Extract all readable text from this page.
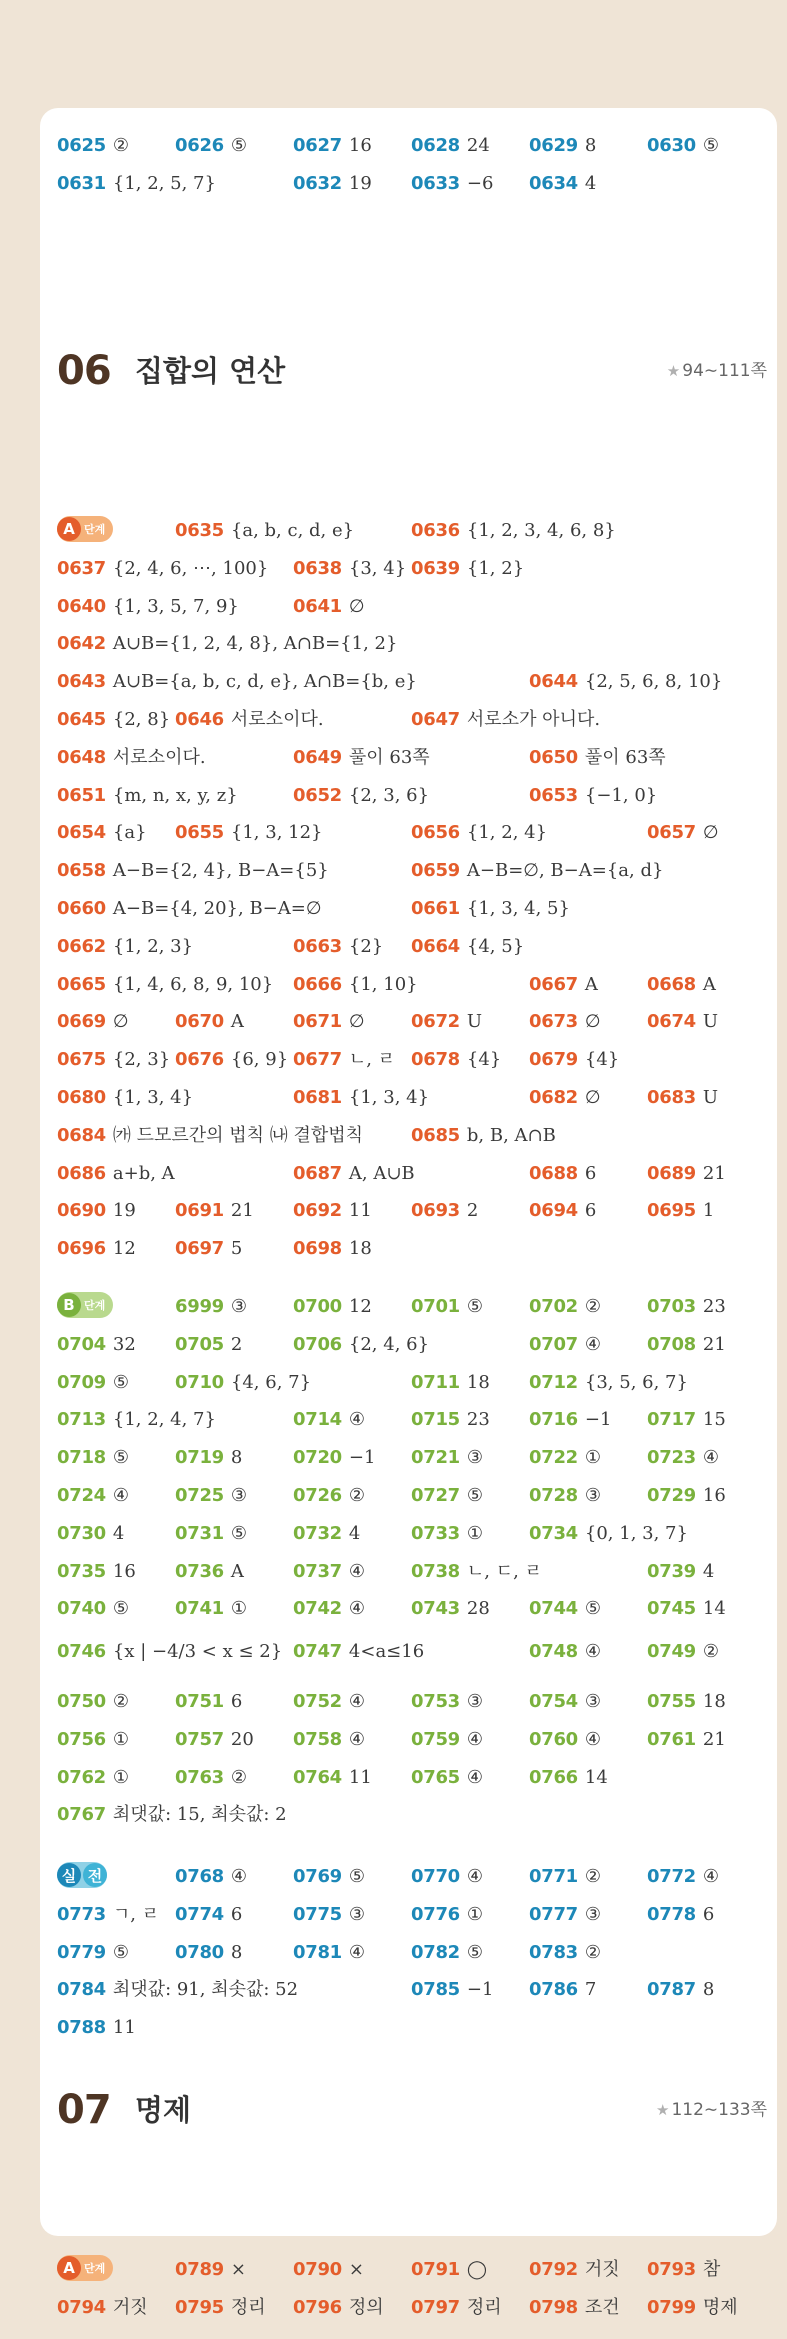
0625 ②	0626 ⑤	0627 16 0628 24 0629 8	0630 ⑤
0631 {1, 2, 5, 7}	0632 19 0633 −6 0634 4
06 집합의 연산	★ 94∼111쪽
0635 {a, b, c, d, e}	0636 {1, 2, 3, 4, 6, 8}
0637 {2, 4, 6, ⋯, 100} 0638 {3, 4} 0639 {1, 2}
0640 {1, 3, 5, 7, 9}	0641 ∅
0642 A∪B={1, 2, 4, 8}, A∩B={1, 2}
0643 A∪B={a, b, c, d, e}, A∩B={b, e}	0644 {2, 5, 6, 8, 10}
0645 {2, 8} 0646 서로소이다.	0647 서로소가 아니다.
0648 서로소이다.	0649 풀이 63쪽	0650 풀이 63쪽
0651 {m, n, x, y, z}	0652 {2, 3, 6}	0653 {−1, 0}
0654 {a} 0655 {1, 3, 12}	0656 {1, 2, 4}	0657 ∅
0658 A−B={2, 4}, B−A={5}	0659 A−B=∅, B−A={a, d}
0660 A−B={4, 20}, B−A=∅	0661 {1, 3, 4, 5}
0662 {1, 2, 3}	0663 {2} 0664 {4, 5}
0665 {1, 4, 6, 8, 9, 10} 0666 {1, 10}	0667 A	0668 A
0669 ∅	0670 A	0671 ∅	0672 U	0673 ∅	0674 U
0675 {2, 3} 0676 {6, 9} 0677 ㄴ, ㄹ 0678 {4} 0679 {4}
0680 {1, 3, 4}	0681 {1, 3, 4}	0682 ∅	0683 U
0684 ㈎ 드모르간의 법칙 ㈏ 결합법칙	0685 b, B, A∩B
0686 a+b, A	0687 A, A∪B	0688 6	0689 21
0690 19 0691 21 0692 11 0693 2	0694 6	0695 1
0696 12 0697 5	0698 18
6999 ③	0700 12 0701 ⑤	0702 ②	0703 23
0704 32 0705 2	0706 {2, 4, 6}	0707 ④	0708 21
0709 ⑤	0710 {4, 6, 7}	0711 18 0712 {3, 5, 6, 7}
0713 {1, 2, 4, 7}	0714 ④	0715 23 0716 −1 0717 15
0718 ⑤	0719 8	0720 −1 0721 ③	0722 ①	0723 ④
0724 ④	0725 ③	0726 ②	0727 ⑤	0728 ③	0729 16
0730 4	0731 ⑤	0732 4	0733 ①	0734 {0, 1, 3, 7}
0735 16 0736 A	0737 ④	0738 ㄴ, ㄷ, ㄹ	0739 4
0740 ⑤	0741 ①	0742 ④	0743 28 0744 ⑤	0745 14
0746 {x | −4/3 < x ≤ 2} 0747 4<a≤16	0748 ④	0749 ②
0750 ②	0751 6	0752 ④	0753 ③	0754 ③	0755 18
0756 ①	0757 20 0758 ④	0759 ④	0760 ④	0761 21
0762 ①	0763 ②	0764 11 0765 ④	0766 14
0767 최댓값: 15, 최솟값: 2
0768 ④	0769 ⑤	0770 ④	0771 ②	0772 ④
0773 ㄱ, ㄹ 0774 6	0775 ③	0776 ①	0777 ③	0778 6
0779 ⑤	0780 8	0781 ④	0782 ⑤	0783 ②
0784 최댓값: 91, 최솟값: 52	0785 −1 0786 7	0787 8
0788 11
07 명제	★ 112∼133쪽
0789 ×	0790 ×	0791 ◯ 0792 거짓 0793 참
0794 거짓 0795 정리 0796 정의 0797 정리 0798 조건 0799 명제
A 단계
B 단계
실 전
A 단계
